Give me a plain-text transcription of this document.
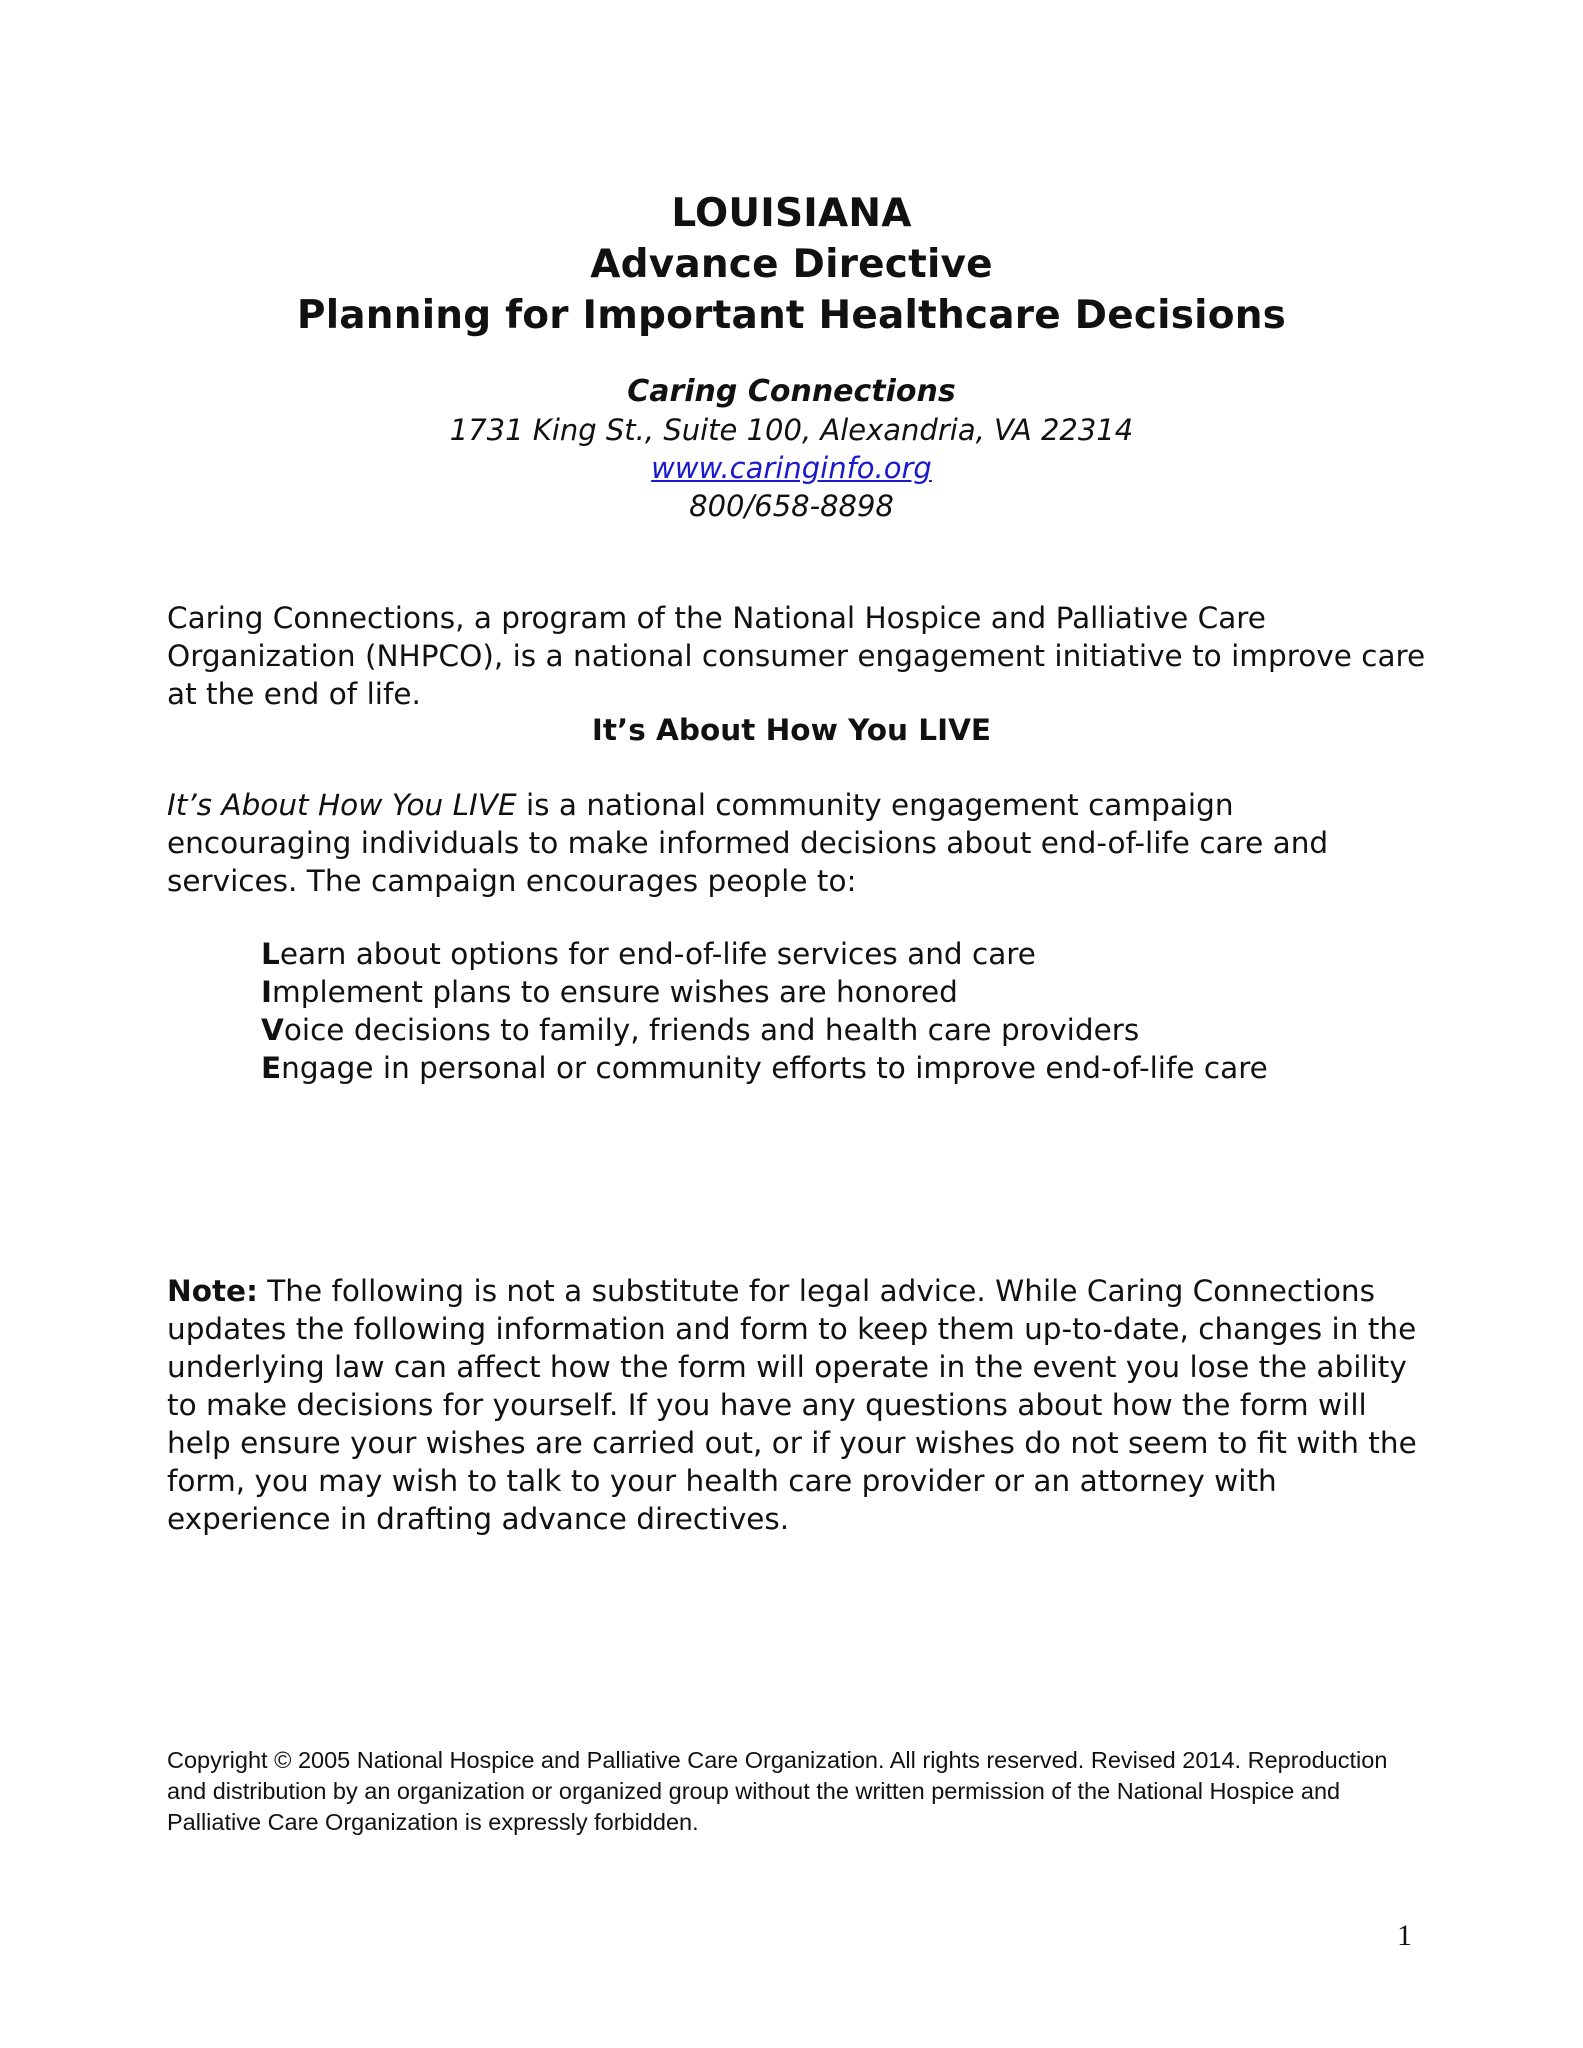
LOUISIANA
Advance Directive
Planning for Important Healthcare Decisions
Caring Connections
1731 King St., Suite 100, Alexandria, VA 22314
www.caringinfo.org
800/658-8898
Caring Connections, a program of the National Hospice and Palliative Care Organization (NHPCO), is a national consumer engagement initiative to improve care at the end of life.
It’s About How You LIVE
It’s About How You LIVE is a national community engagement campaign encouraging individuals to make informed decisions about end-of-life care and services. The campaign encourages people to:
Learn about options for end-of-life services and care
Implement plans to ensure wishes are honored
Voice decisions to family, friends and health care providers
Engage in personal or community efforts to improve end-of-life care
Note: The following is not a substitute for legal advice. While Caring Connections updates the following information and form to keep them up-to-date, changes in the underlying law can affect how the form will operate in the event you lose the ability to make decisions for yourself. If you have any questions about how the form will help ensure your wishes are carried out, or if your wishes do not seem to fit with the form, you may wish to talk to your health care provider or an attorney with experience in drafting advance directives.
Copyright © 2005 National Hospice and Palliative Care Organization. All rights reserved. Revised 2014. Reproduction and distribution by an organization or organized group without the written permission of the National Hospice and Palliative Care Organization is expressly forbidden.
1
